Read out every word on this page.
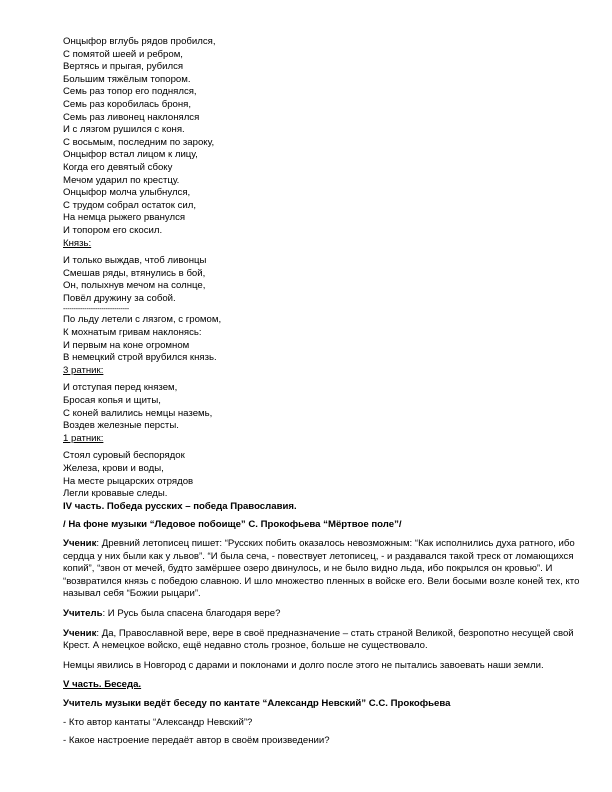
Онцыфор вглубь рядов пробился,
С помятой шеей и ребром,
Вертясь и прыгая, рубился
Большим тяжёлым топором.
Семь раз топор его поднялся,
Семь раз коробилась броня,
Семь раз ливонец наклонялся
И с лязгом рушился с коня.
С восьмым, последним по зароку,
Онцыфор встал лицом к лицу,
Когда его девятый сбоку
Мечом ударил по крестцу.
Онцыфор молча улыбнулся,
С трудом собрал остаток сил,
На немца рыжего рванулся
И топором его скосил.
Князь:
И только выждав, чтоб ливонцы
Смешав ряды, втянулись в бой,
Он, полыхнув мечом на солнце,
Повёл дружину за собой.
-------------------------------
По льду летели с лязгом, с громом,
К мохнатым гривам наклонясь:
И первым на коне огромном
В немецкий строй врубился князь.
3 ратник:
И отступая перед князем,
Бросая копья и щиты,
С коней валились немцы наземь,
Воздев железные персты.
1 ратник:
Стоял суровый беспорядок
Железа, крови и воды,
На месте рыцарских отрядов
Легли кровавые следы.
IV часть. Победа русских – победа Православия.
/ На фоне музыки “Ледовое побоище” С. Прокофьева “Мёртвое поле”/
Ученик: Древний летописец пишет: “Русских побить оказалось невозможным: “Как исполнились духа ратного, ибо сердца у них были как у львов”. “И была сеча, - повествует летописец, - и раздавался такой треск от ломающихся копий”, “звон от мечей, будто замёршее озеро двинулось, и не было видно льда, ибо покрылся он кровью”. И “возвратился князь с победою славною. И шло множество пленных в войске его. Вели босыми возле коней тех, кто называл себя “Божии рыцари”.
Учитель: И Русь была спасена благодаря вере?
Ученик: Да, Православной вере, вере в своё предназначение – стать страной Великой, безропотно несущей свой Крест. А немецкое войско, ещё недавно столь грозное, больше не существовало.
Немцы явились в Новгород с дарами и поклонами и долго после этого не пытались завоевать наши земли.
V часть. Беседа.
Учитель музыки ведёт беседу по кантате “Александр Невский” С.С. Прокофьева
- Кто автор кантаты “Александр Невский”?
- Какое настроение передаёт автор в своём произведении?
